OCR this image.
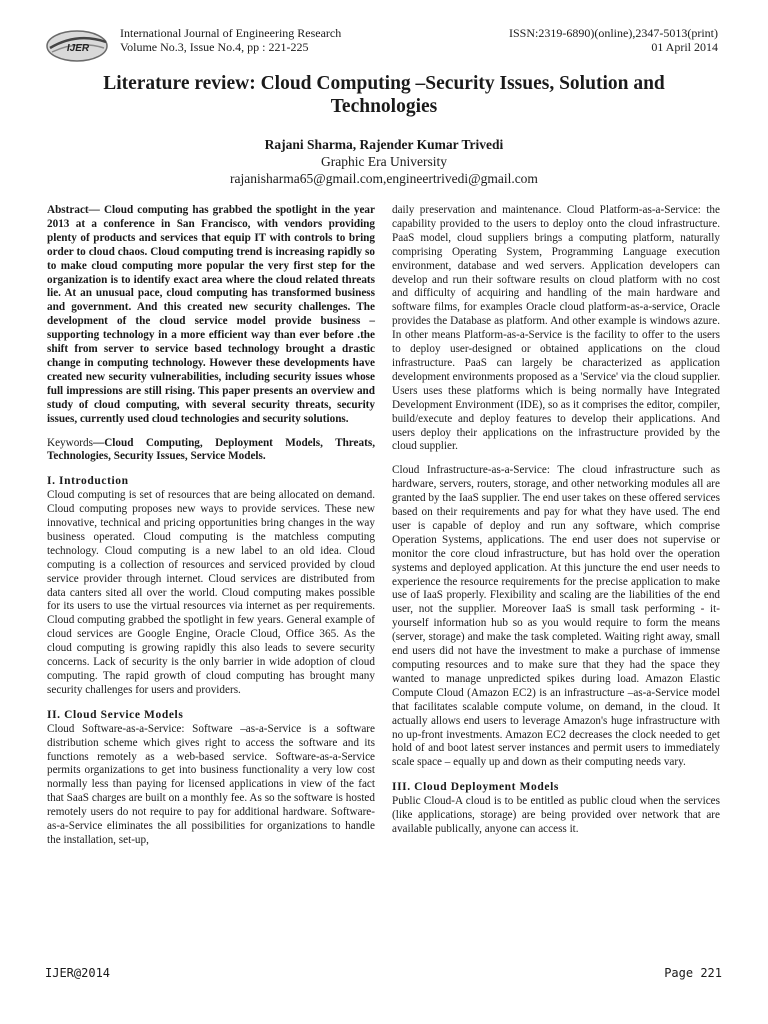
IJER
International Journal of Engineering Research
Volume No.3, Issue No.4, pp : 221-225
ISSN:2319-6890)(online),2347-5013(print)
01 April 2014
Literature review: Cloud Computing –Security Issues, Solution and Technologies
Rajani Sharma, Rajender Kumar Trivedi
Graphic Era University
rajanisharma65@gmail.com,engineertrivedi@gmail.com

Abstract— Cloud computing has grabbed the spotlight in the year 2013 at a conference in San Francisco, with vendors providing plenty of products and services that equip IT with controls to bring order to cloud chaos. Cloud computing trend is increasing rapidly so to make cloud computing more popular the very first step for the organization is to identify exact area where the cloud related threats lie. At an unusual pace, cloud computing has transformed business and government. And this created new security challenges. The development of the cloud service model provide business – supporting technology in a more efficient way than ever before .the shift from server to service based technology brought a drastic change in computing technology. However these developments have created new security vulnerabilities, including security issues whose full impressions are still rising. This paper presents an overview and study of cloud computing, with several security threats, security issues, currently used cloud technologies and security solutions.

Keywords—Cloud Computing, Deployment Models, Threats, Technologies, Security Issues, Service Models.

I. Introduction

Cloud computing is set of resources that are being allocated on demand. Cloud computing proposes new ways to provide services. These new innovative, technical and pricing opportunities bring changes in the way business operated. Cloud computing is the matchless computing technology. Cloud computing is a new label to an old idea. Cloud computing is a collection of resources and serviced provided by cloud service provider through internet. Cloud services are distributed from data canters sited all over the world. Cloud computing makes possible for its users to use the virtual resources via internet as per requirements. Cloud computing grabbed the spotlight in few years. General example of cloud services are Google Engine, Oracle Cloud, Office 365. As the cloud computing is growing rapidly this also leads to severe security concerns. Lack of security is the only barrier in wide adoption of cloud computing. The rapid growth of cloud computing has brought many security challenges for users and providers.

II. Cloud Service Models

Cloud Software-as-a-Service: Software –as-a-Service is a software distribution scheme which gives right to access the software and its functions remotely as a web-based service. Software-as-a-Service permits organizations to get into business functionality a very low cost normally less than paying for licensed applications in view of the fact that SaaS charges are built on a monthly fee. As so the software is hosted remotely users do not require to pay for additional hardware. Software-as-a-Service eliminates the all possibilities for organizations to handle the installation, set-up,

daily preservation and maintenance. Cloud Platform-as-a-Service: the capability provided to the users to deploy onto the cloud infrastructure. PaaS model, cloud suppliers brings a computing platform, naturally comprising Operating System, Programming Language execution environment, database and wed servers. Application developers can develop and run their software results on cloud platform with no cost and difficulty of acquiring and handling of the main hardware and software films, for examples Oracle cloud platform-as-a-service, Oracle provides the Database as platform. And other example is windows azure. In other means Platform-as-a-Service is the facility to offer to the users to deploy user-designed or obtained applications on the cloud infrastructure. PaaS can largely be characterized as application development environments proposed as a 'Service' via the cloud supplier. Users uses these platforms which is being normally have Integrated Development Environment (IDE), so as it comprises the editor, compiler, build/execute and deploy features to develop their applications. And users deploy their applications on the infrastructure provided by the cloud supplier.

Cloud Infrastructure-as-a-Service: The cloud infrastructure such as hardware, servers, routers, storage, and other networking modules all are granted by the IaaS supplier. The end user takes on these offered services based on their requirements and pay for what they have used. The end user is capable of deploy and run any software, which comprise Operation Systems, applications. The end user does not supervise or monitor the core cloud infrastructure, but has hold over the operation systems and deployed application. At this juncture the end user needs to experience the resource requirements for the precise application to make use of IaaS properly. Flexibility and scaling are the liabilities of the end user, not the supplier. Moreover IaaS is small task performing - it-yourself information hub so as you would require to form the means (server, storage) and make the task completed. Waiting right away, small end users did not have the investment to make a purchase of immense computing resources and to make sure that they had the space they wanted to manage unpredicted spikes during load. Amazon Elastic Compute Cloud (Amazon EC2) is an infrastructure –as-a-Service model that facilitates scalable compute volume, on demand, in the cloud. It actually allows end users to leverage Amazon's huge infrastructure with no up-front investments. Amazon EC2 decreases the clock needed to get hold of and boot latest server instances and permit users to immediately scale space – equally up and down as their computing needs vary.

III. Cloud Deployment Models

Public Cloud-A cloud is to be entitled as public cloud when the services (like applications, storage) are being provided over network that are available publically, anyone can access it.

IJER@2014	Page 221
